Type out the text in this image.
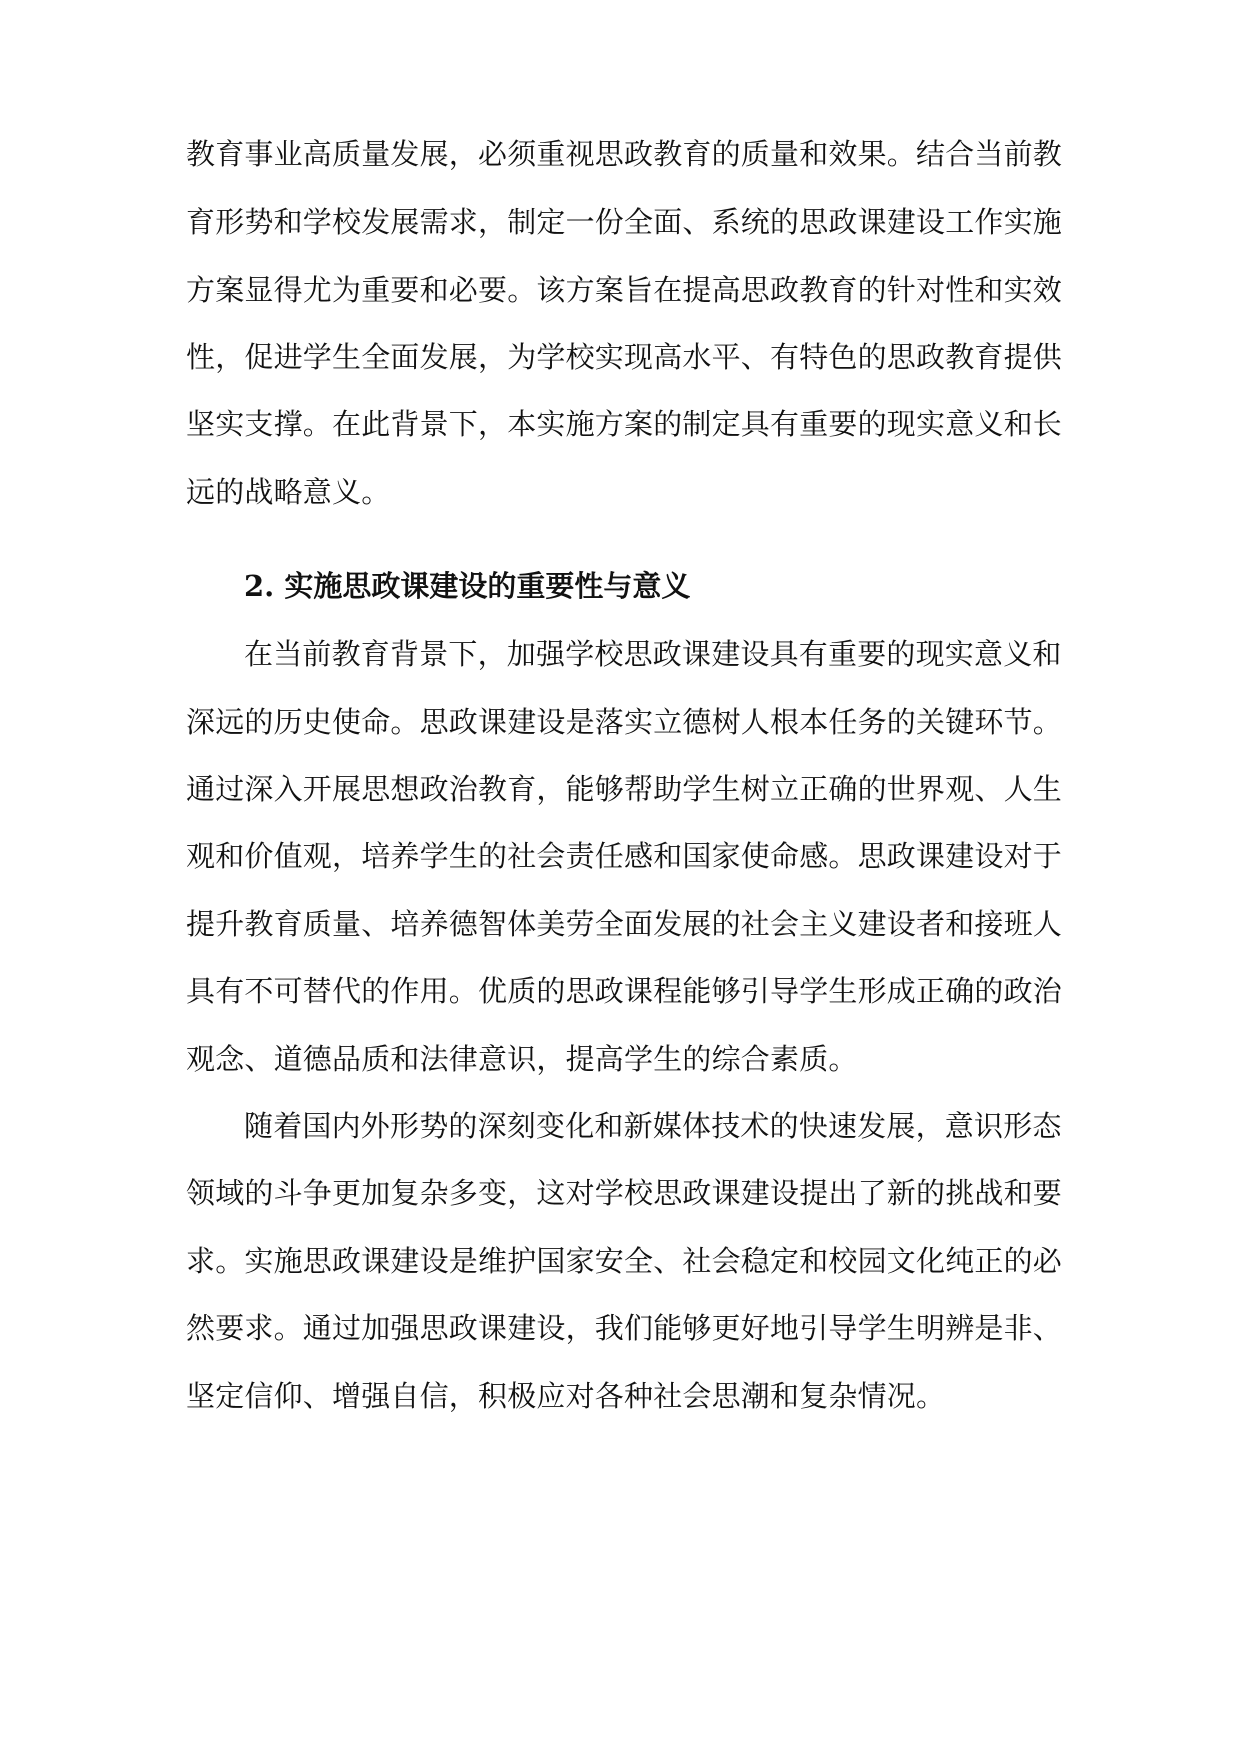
教育事业高质量发展，必须重视思政教育的质量和效果。结合当前教

育形势和学校发展需求，制定一份全面、系统的思政课建设工作实施

方案显得尤为重要和必要。该方案旨在提高思政教育的针对性和实效

性，促进学生全面发展，为学校实现高水平、有特色的思政教育提供

坚实支撑。在此背景下，本实施方案的制定具有重要的现实意义和长

远的战略意义。

2. 实施思政课建设的重要性与意义

在当前教育背景下，加强学校思政课建设具有重要的现实意义和

深远的历史使命。思政课建设是落实立德树人根本任务的关键环节。

通过深入开展思想政治教育，能够帮助学生树立正确的世界观、人生

观和价值观，培养学生的社会责任感和国家使命感。思政课建设对于

提升教育质量、培养德智体美劳全面发展的社会主义建设者和接班人

具有不可替代的作用。优质的思政课程能够引导学生形成正确的政治

观念、道德品质和法律意识，提高学生的综合素质。

随着国内外形势的深刻变化和新媒体技术的快速发展，意识形态

领域的斗争更加复杂多变，这对学校思政课建设提出了新的挑战和要

求。实施思政课建设是维护国家安全、社会稳定和校园文化纯正的必

然要求。通过加强思政课建设，我们能够更好地引导学生明辨是非、

坚定信仰、增强自信，积极应对各种社会思潮和复杂情况。
